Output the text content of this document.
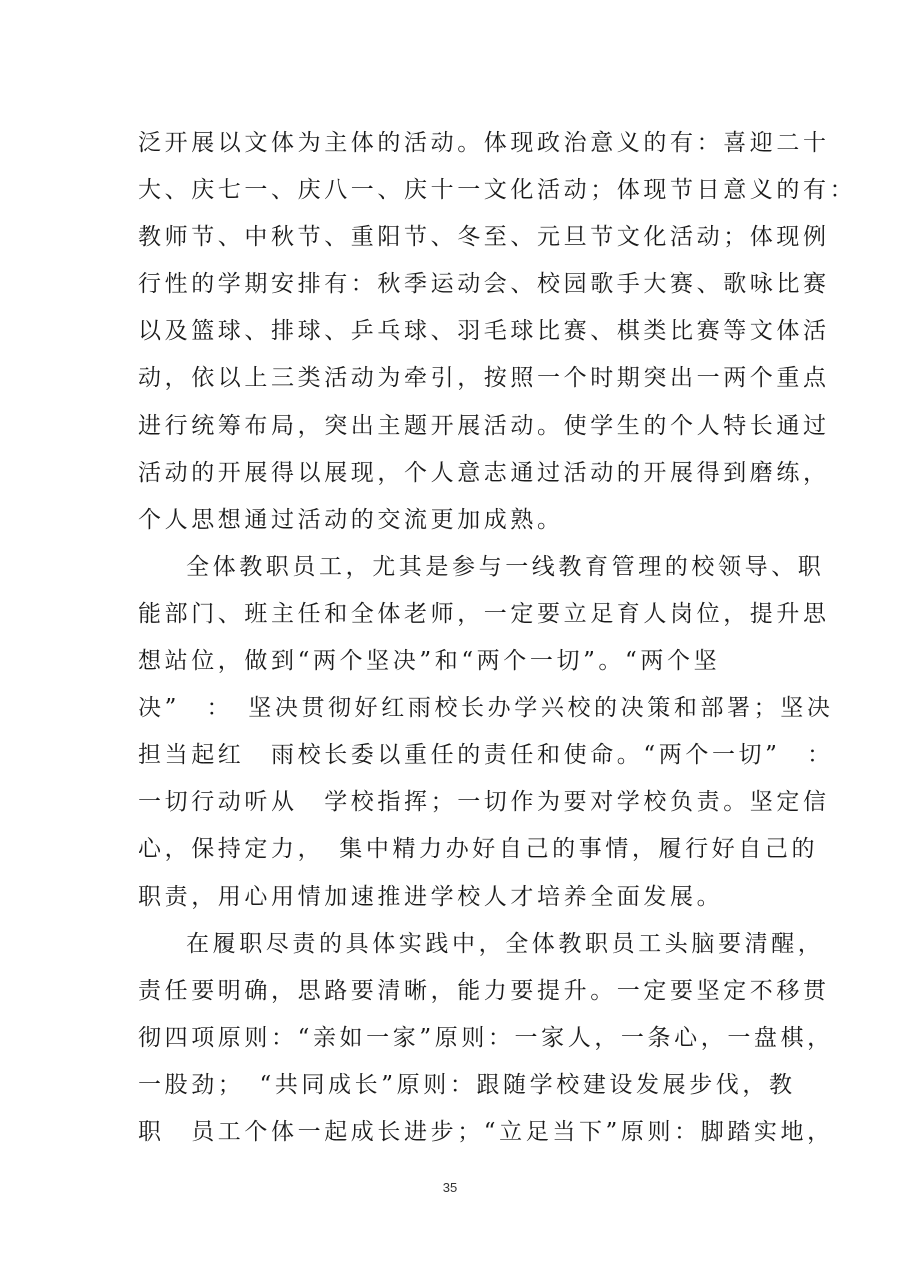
泛开展以文体为主体的活动。体现政治意义的有：喜迎二十
大、庆七一、庆八一、庆十一文化活动；体现节日意义的有：
教师节、中秋节、重阳节、冬至、元旦节文化活动；体现例
行性的学期安排有：秋季运动会、校园歌手大赛、歌咏比赛
以及篮球、排球、乒乓球、羽毛球比赛、棋类比赛等文体活
动，依以上三类活动为牵引，按照一个时期突出一两个重点
进行统筹布局，突出主题开展活动。使学生的个人特长通过
活动的开展得以展现，个人意志通过活动的开展得到磨练，
个人思想通过活动的交流更加成熟。
全体教职员工，尤其是参与一线教育管理的校领导、职
能部门、班主任和全体老师，一定要立足育人岗位，提升思
想站位，做到“两个坚决”和“两个一切”。“两个坚
决”　：　坚决贯彻好红雨校长办学兴校的决策和部署；坚决
担当起红　雨校长委以重任的责任和使命。“两个一切”　：
一切行动听从　学校指挥；一切作为要对学校负责。坚定信
心，保持定力，　集中精力办好自己的事情，履行好自己的
职责，用心用情加速推进学校人才培养全面发展。
在履职尽责的具体实践中，全体教职员工头脑要清醒，
责任要明确，思路要清晰，能力要提升。一定要坚定不移贯
彻四项原则：“亲如一家”原则：一家人，一条心，一盘棋，
一股劲；　“共同成长”原则：跟随学校建设发展步伐，教
职　员工个体一起成长进步；“立足当下”原则：脚踏实地，
35
